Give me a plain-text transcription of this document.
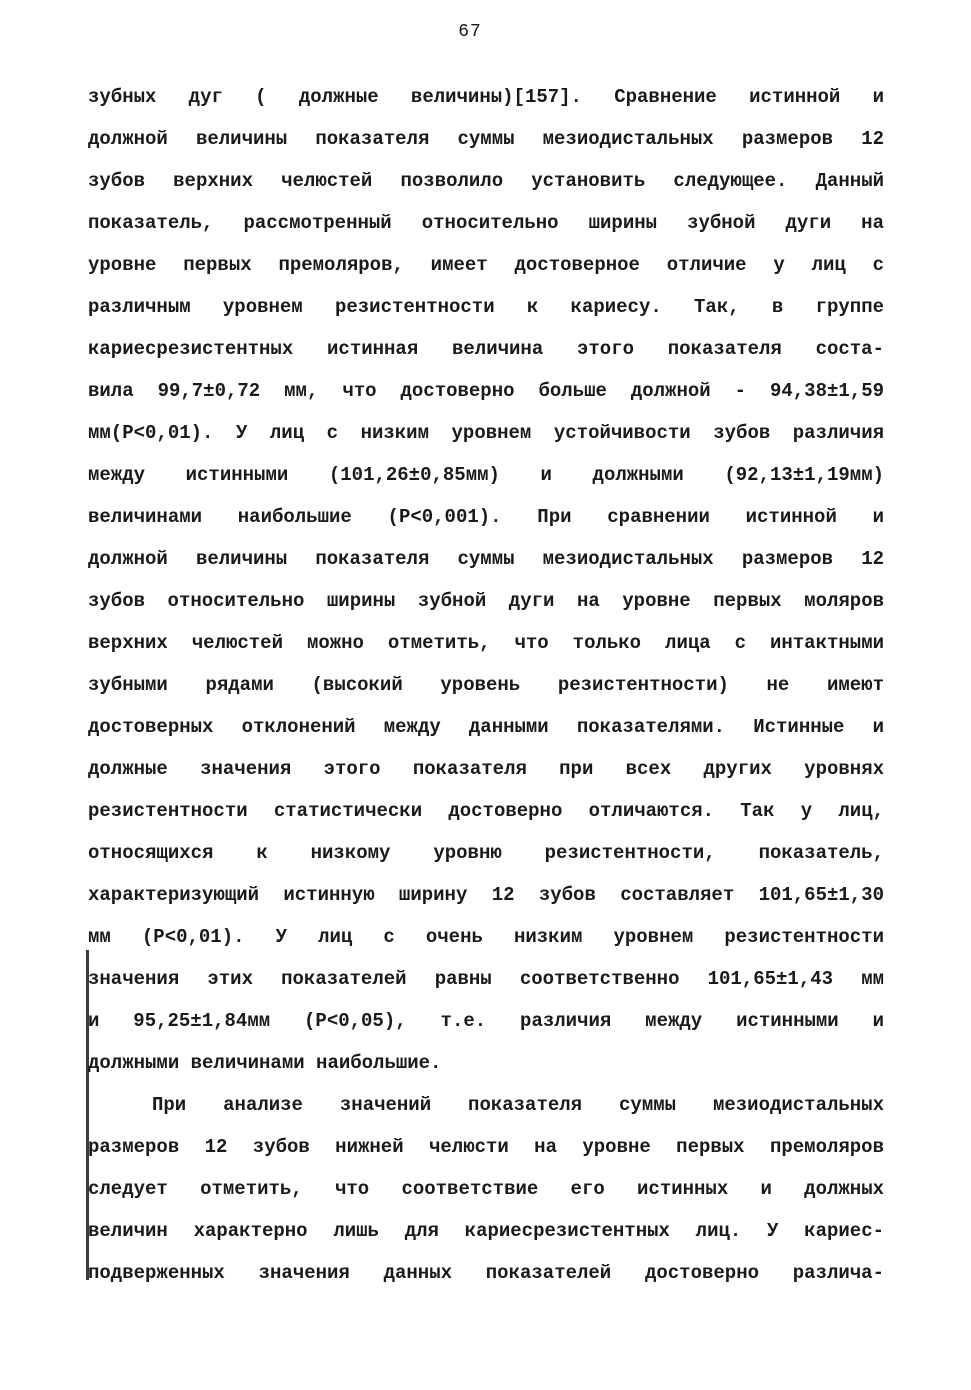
67
зубных дуг ( должные величины)[157]. Сравнение истинной и
должной величины показателя суммы мезиодистальных размеров 12
зубов верхних челюстей позволило установить следующее. Данный
показатель, рассмотренный относительно ширины зубной дуги на
уровне первых премоляров, имеет достоверное отличие у лиц с
различным уровнем резистентности к кариесу. Так, в группе
кариесрезистентных истинная величина этого показателя соста-
вила 99,7±0,72 мм, что достоверно больше должной - 94,38±1,59
мм(P<0,01). У лиц с низким уровнем устойчивости зубов различия
между истинными (101,26±0,85мм) и должными (92,13±1,19мм)
величинами наибольшие (P<0,001). При сравнении истинной и
должной величины показателя суммы мезиодистальных размеров 12
зубов относительно ширины зубной дуги на уровне первых моляров
верхних челюстей можно отметить, что только лица с интактными
зубными рядами (высокий уровень резистентности) не имеют
достоверных отклонений между данными показателями. Истинные и
должные значения этого показателя при всех других уровнях
резистентности статистически достоверно отличаются. Так у лиц,
относящихся к низкому уровню резистентности, показатель,
характеризующий истинную ширину 12 зубов составляет 101,65±1,30
мм (P<0,01). У лиц с очень низким уровнем резистентности
значения этих показателей равны соответственно 101,65±1,43 мм
и 95,25±1,84мм (P<0,05), т.е. различия между истинными и
должными величинами наибольшие.
При анализе значений показателя суммы мезиодистальных
размеров 12 зубов нижней челюсти на уровне первых премоляров
следует отметить, что соответствие его истинных и должных
величин характерно лишь для кариесрезистентных лиц. У кариес-
подверженных значения данных показателей достоверно различа-
